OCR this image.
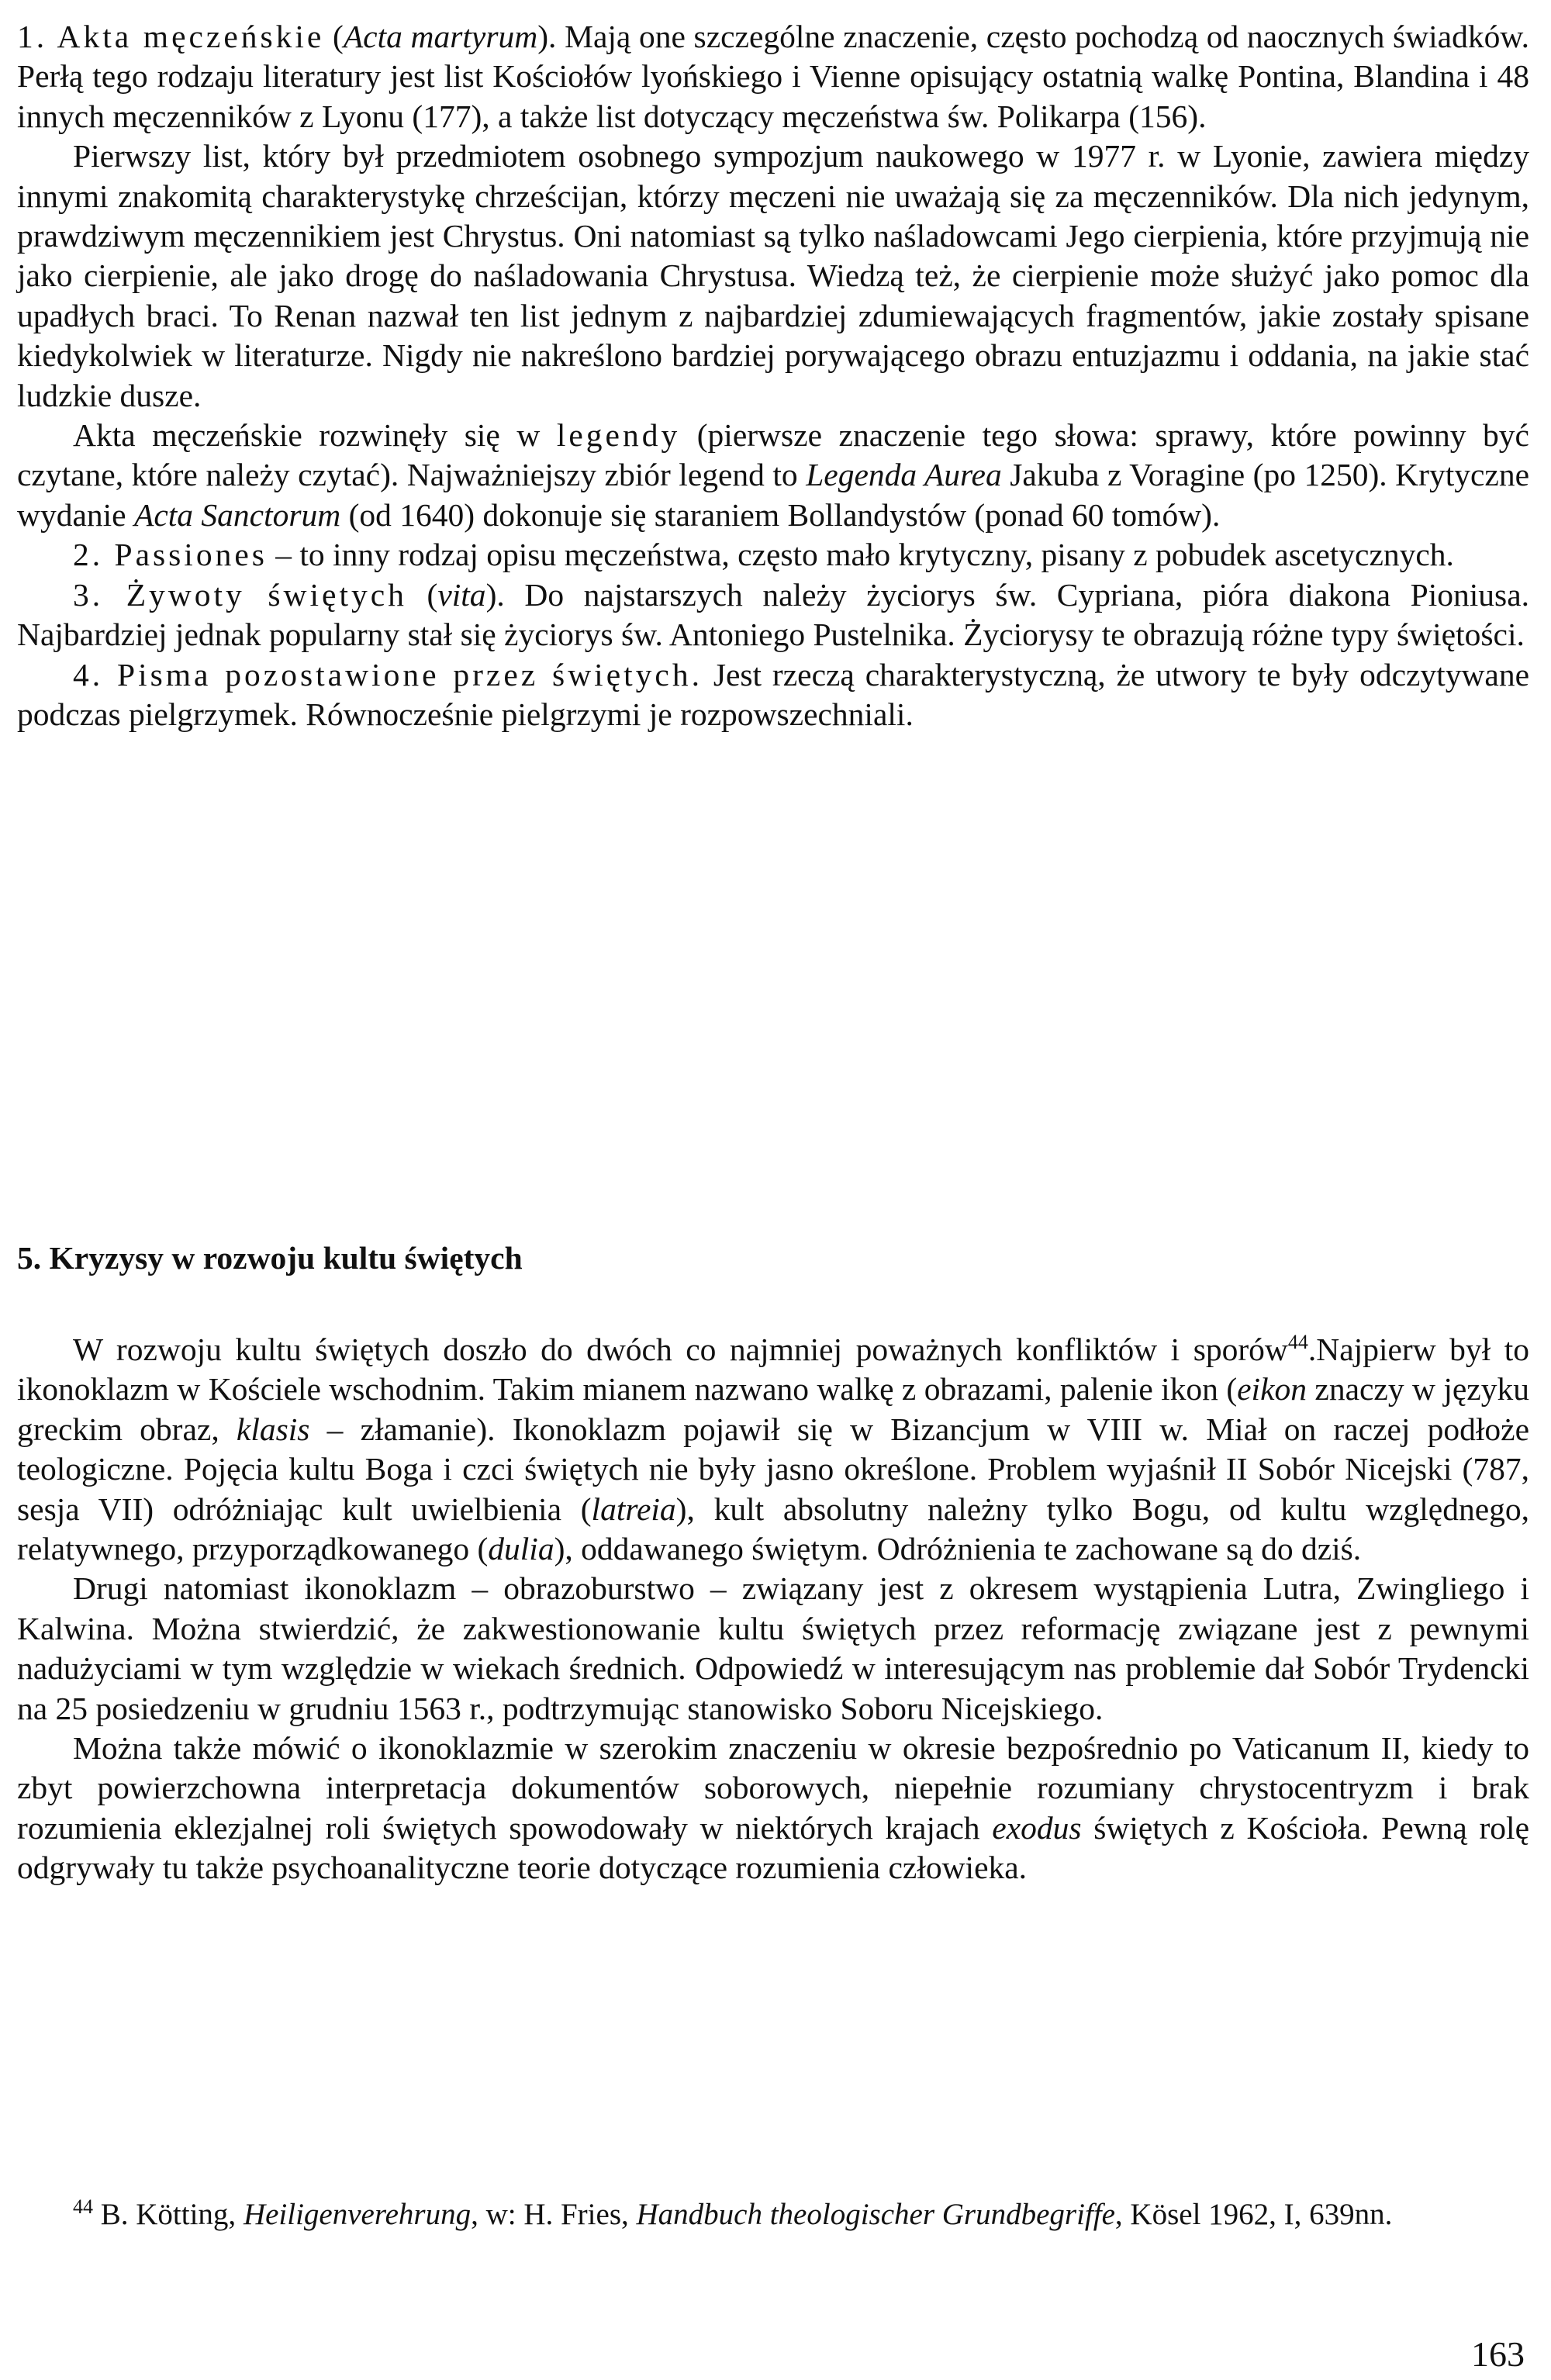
1. Akta męczeńskie (Acta martyrum). Mają one szczególne znaczenie, często pochodzą od naocznych świadków. Perłą tego rodzaju literatury jest list Kościołów lyońskiego i Vienne opisujący ostatnią walkę Pontina, Blandina i 48 innych męczenników z Lyonu (177), a także list dotyczący męczeństwa św. Polikarpa (156).

Pierwszy list, który był przedmiotem osobnego sympozjum naukowego w 1977 r. w Lyonie, zawiera między innymi znakomitą charakterystykę chrześcijan, którzy męczeni nie uważają się za męczenników. Dla nich jedynym, prawdziwym męczennikiem jest Chrystus. Oni natomiast są tylko naśladowcami Jego cierpienia, które przyjmują nie jako cierpienie, ale jako drogę do naśladowania Chrystusa. Wiedzą też, że cierpienie może służyć jako pomoc dla upadłych braci. To Renan nazwał ten list jednym z najbardziej zdumiewających fragmentów, jakie zostały spisane kiedykolwiek w literaturze. Nigdy nie nakreślono bardziej porywającego obrazu entuzjazmu i oddania, na jakie stać ludzkie dusze.

Akta męczeńskie rozwinęły się w legendy (pierwsze znaczenie tego słowa: sprawy, które powinny być czytane, które należy czytać). Najważniejszy zbiór legend to Legenda Aurea Jakuba z Voragine (po 1250). Krytyczne wydanie Acta Sanctorum (od 1640) dokonuje się staraniem Bollandystów (ponad 60 tomów).

2. Passiones – to inny rodzaj opisu męczeństwa, często mało krytyczny, pisany z pobudek ascetycznych.

3. Żywoty świętych (vita). Do najstarszych należy życiorys św. Cypriana, pióra diakona Pioniusa. Najbardziej jednak popularny stał się życiorys św. Antoniego Pustelnika. Życiorysy te obrazują różne typy świętości.

4. Pisma pozostawione przez świętych. Jest rzeczą charakterystyczną, że utwory te były odczytywane podczas pielgrzymek. Równocześnie pielgrzymi je rozpowszechniali.

5. Kryzysy w rozwoju kultu świętych

W rozwoju kultu świętych doszło do dwóch co najmniej poważnych konfliktów i sporów$^{44}$.Najpierw był to ikonoklazm w Kościele wschodnim. Takim mianem nazwano walkę z obrazami, palenie ikon (eikon znaczy w języku greckim obraz, klasis – złamanie). Ikonoklazm pojawił się w Bizancjum w VIII w. Miał on raczej podłoże teologiczne. Pojęcia kultu Boga i czci świętych nie były jasno określone. Problem wyjaśnił II Sobór Nicejski (787, sesja VII) odróżniając kult uwielbienia (latreia), kult absolutny należny tylko Bogu, od kultu względnego, relatywnego, przyporządkowanego (dulia), oddawanego świętym. Odróżnienia te zachowane są do dziś.

Drugi natomiast ikonoklazm – obrazoburstwo – związany jest z okresem wystąpienia Lutra, Zwingliego i Kalwina. Można stwierdzić, że zakwestionowanie kultu świętych przez reformację związane jest z pewnymi nadużyciami w tym względzie w wiekach średnich. Odpowiedź w interesującym nas problemie dał Sobór Trydencki na 25 posiedzeniu w grudniu 1563 r., podtrzymując stanowisko Soboru Nicejskiego.

Można także mówić o ikonoklazmie w szerokim znaczeniu w okresie bezpośrednio po Vaticanum II, kiedy to zbyt powierzchowna interpretacja dokumentów soborowych, niepełnie rozumiany chrystocentryzm i brak rozumienia eklezjalnej roli świętych spowodowały w niektórych krajach exodus świętych z Kościoła. Pewną rolę odgrywały tu także psychoanalityczne teorie dotyczące rozumienia człowieka.

$^{44}$ B. Kötting, Heiligenverehrung, w: H. Fries, Handbuch theologischer Grundbegriffe, Kösel 1962, I, 639nn.

163
